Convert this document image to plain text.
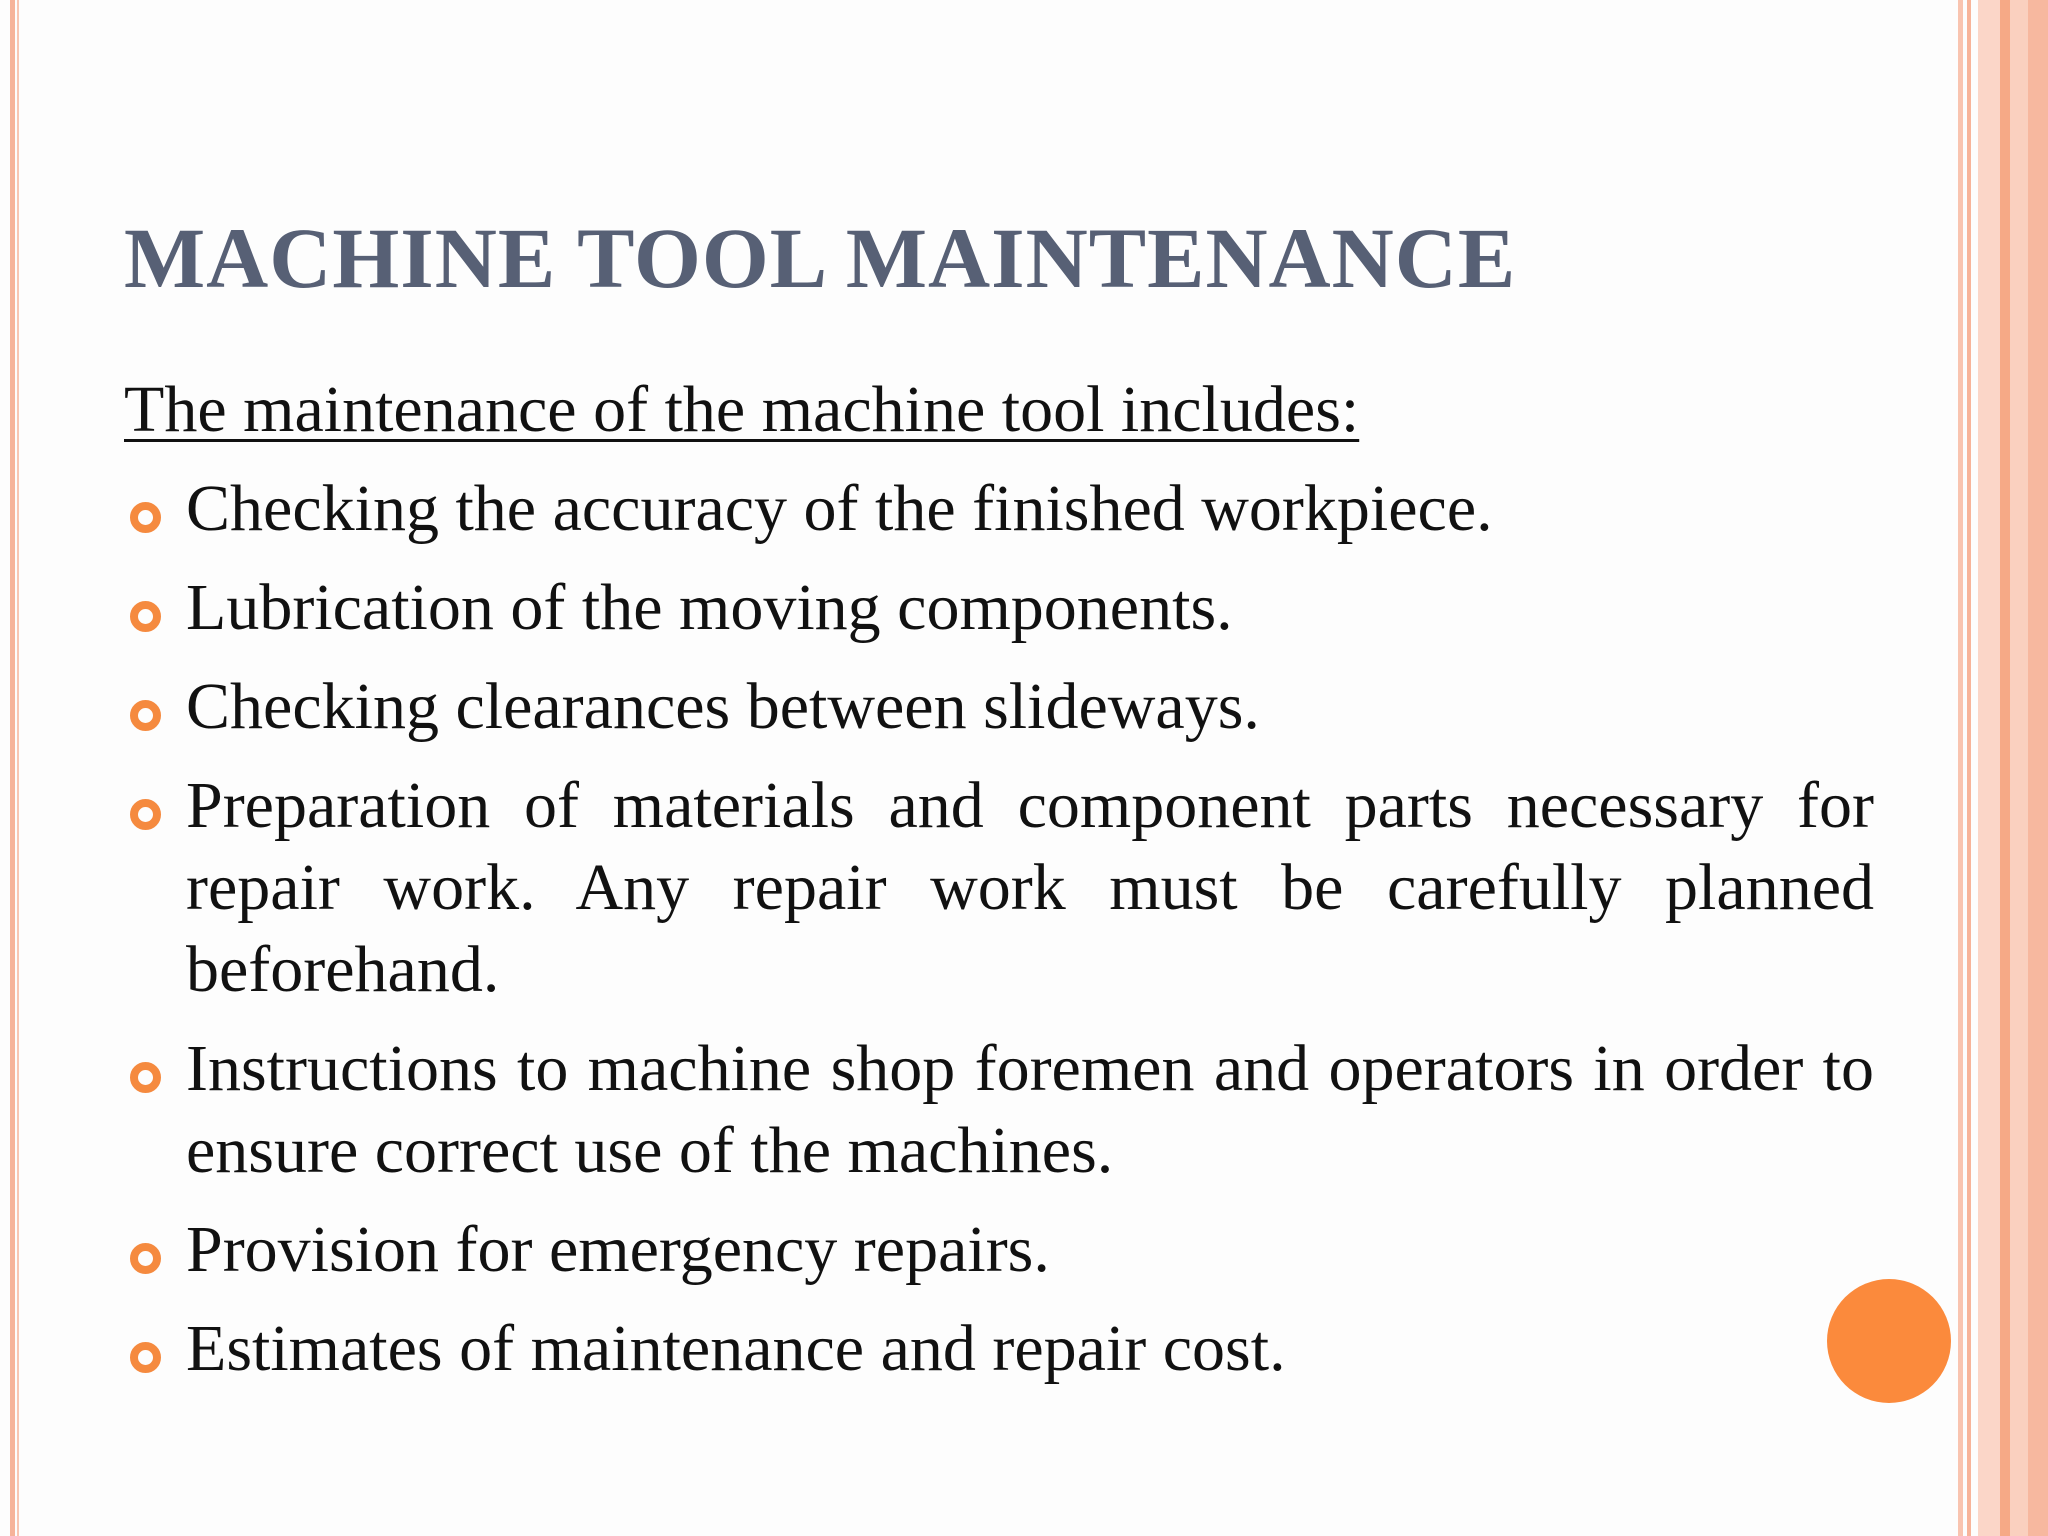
MACHINE TOOL MAINTENANCE

The maintenance of the machine tool includes:

Checking the accuracy of the finished workpiece.
Lubrication of the moving components.
Checking clearances between slideways.
Preparation of materials and component parts necessary for repair work. Any repair work must be carefully planned beforehand.
Instructions to machine shop foremen and operators in order to ensure correct use of the machines.
Provision for emergency repairs.
Estimates of maintenance and repair cost.
